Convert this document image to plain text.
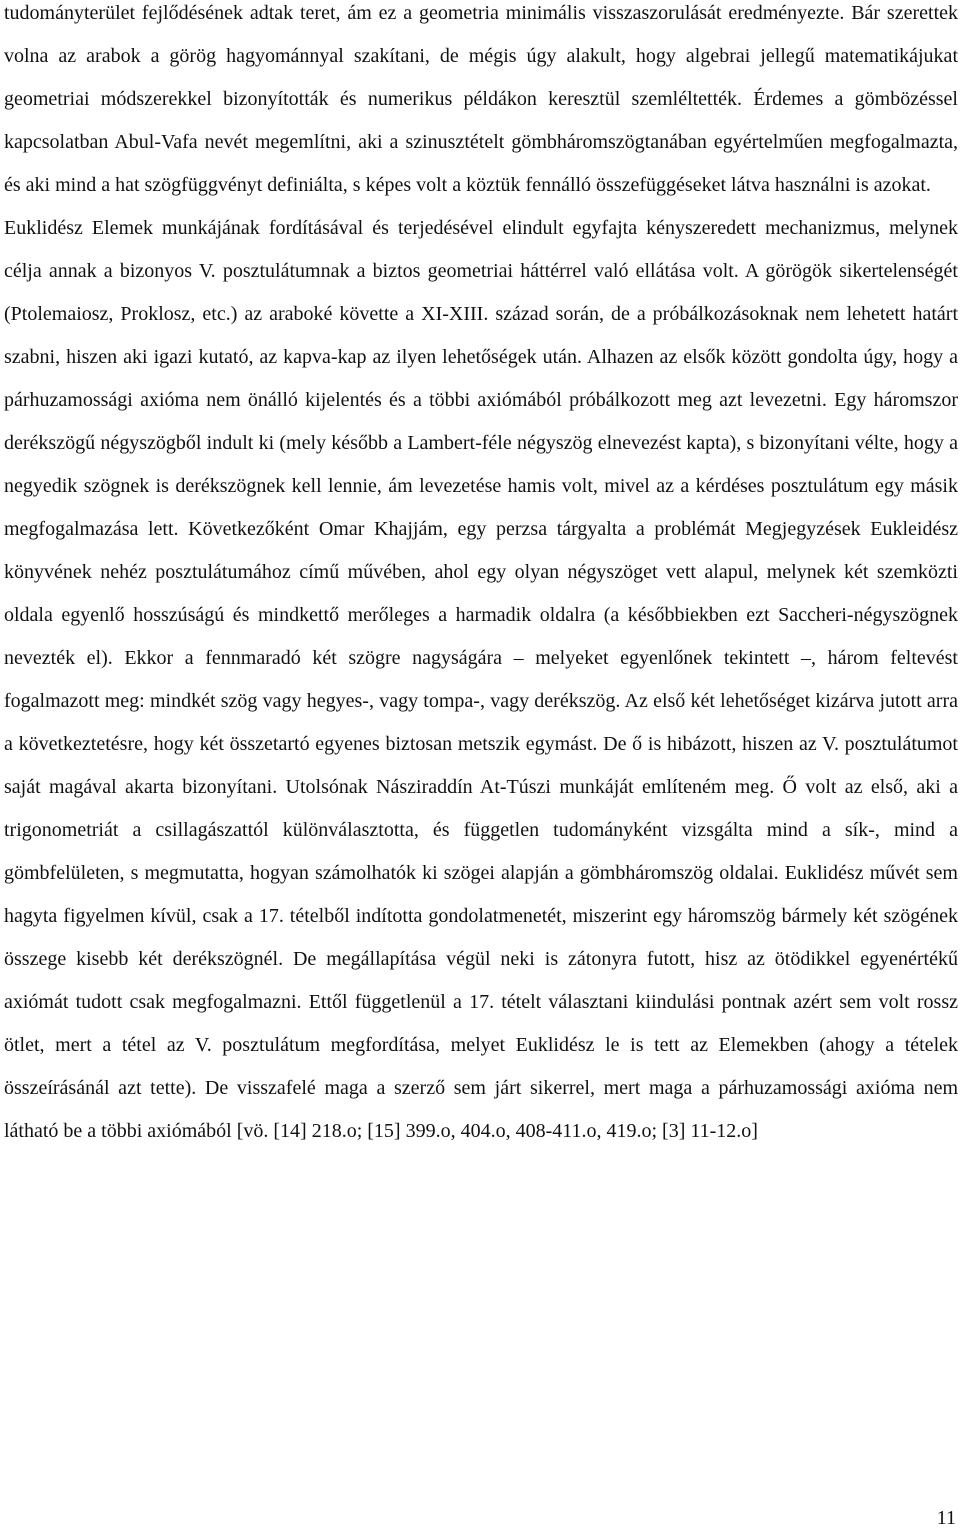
tudományterület fejlődésének adtak teret, ám ez a geometria minimális visszaszorulását eredményezte. Bár szerettek volna az arabok a görög hagyománnyal szakítani, de mégis úgy alakult, hogy algebrai jellegű matematikájukat geometriai módszerekkel bizonyították és numerikus példákon keresztül szemléltették. Érdemes a gömbözéssel kapcsolatban Abul-Vafa nevét megemlítni, aki a szinusztételt gömbháromszögtanában egyértelműen megfogalmazta, és aki mind a hat szögfüggvényt definiálta, s képes volt a köztük fennálló összefüggéseket látva használni is azokat.

Euklidész Elemek munkájának fordításával és terjedésével elindult egyfajta kényszeredett mechanizmus, melynek célja annak a bizonyos V. posztulátumnak a biztos geometriai háttérrel való ellátása volt. A görögök sikertelenségét (Ptolemaiosz, Proklosz, etc.) az araboké követte a XI-XIII. század során, de a próbálkozásoknak nem lehetett határt szabni, hiszen aki igazi kutató, az kapva-kap az ilyen lehetőségek után. Alhazen az elsők között gondolta úgy, hogy a párhuzamossági axióma nem önálló kijelentés és a többi axiómából próbálkozott meg azt levezetni. Egy háromszor derékszögű négyszögből indult ki (mely később a Lambert-féle négyszög elnevezést kapta), s bizonyítani vélte, hogy a negyedik szögnek is derékszögnek kell lennie, ám levezetése hamis volt, mivel az a kérdéses posztulátum egy másik megfogalmazása lett. Következőként Omar Khajjám, egy perzsa tárgyalta a problémát Megjegyzések Eukleidész könyvének nehéz posztulátumához című művében, ahol egy olyan négyszöget vett alapul, melynek két szemközti oldala egyenlő hosszúságú és mindkettő merőleges a harmadik oldalra (a későbbiekben ezt Saccheri-négyszögnek nevezték el). Ekkor a fennmaradó két szögre nagyságára – melyeket egyenlőnek tekintett –, három feltevést fogalmazott meg: mindkét szög vagy hegyes-, vagy tompa-, vagy derékszög. Az első két lehetőséget kizárva jutott arra a következtetésre, hogy két összetartó egyenes biztosan metszik egymást. De ő is hibázott, hiszen az V. posztulátumot saját magával akarta bizonyítani. Utolsónak Násziraddín At-Túszi munkáját említeném meg. Ő volt az első, aki a trigonometriát a csillagászattól különválasztotta, és független tudományként vizsgálta mind a sík-, mind a gömbfelületen, s megmutatta, hogyan számolhatók ki szögei alapján a gömbháromszög oldalai. Euklidész művét sem hagyta figyelmen kívül, csak a 17. tételből indította gondolatmenetét, miszerint egy háromszög bármely két szögének összege kisebb két derékszögnél. De megállapítása végül neki is zátonyra futott, hisz az ötödikkel egyenértékű axiómát tudott csak megfogalmazni. Ettől függetlenül a 17. tételt választani kiindulási pontnak azért sem volt rossz ötlet, mert a tétel az V. posztulátum megfordítása, melyet Euklidész le is tett az Elemekben (ahogy a tételek összeírásánál azt tette). De visszafelé maga a szerző sem járt sikerrel, mert maga a párhuzamossági axióma nem látható be a többi axiómából [vö. [14] 218.o; [15] 399.o, 404.o, 408-411.o, 419.o; [3] 11-12.o]

11
